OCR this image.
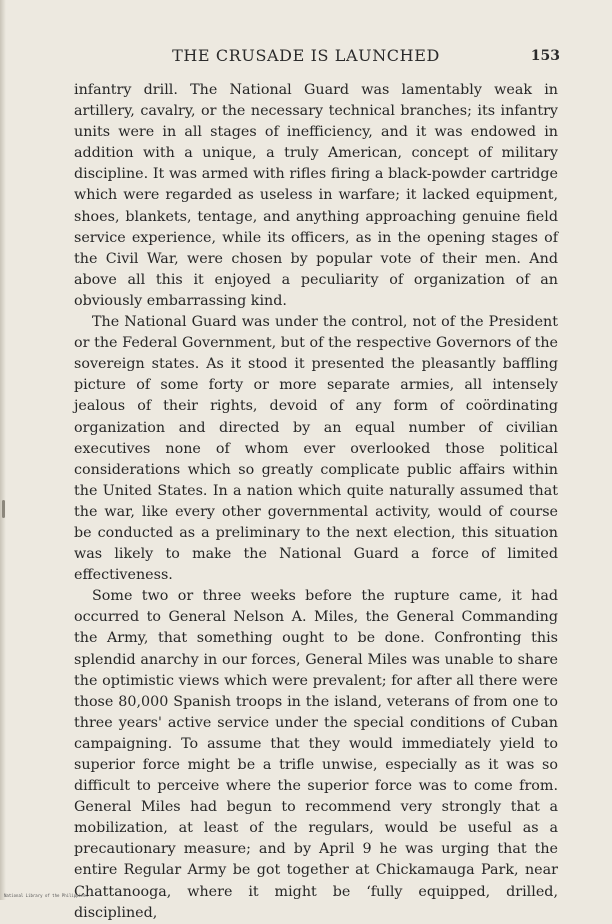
THE CRUSADE IS LAUNCHED	153

infantry drill. The National Guard was lamentably weak in artillery, cavalry, or the necessary technical branches; its infantry units were in all stages of inefficiency, and it was endowed in addition with a unique, a truly American, concept of military discipline. It was armed with rifles firing a black-powder cartridge which were regarded as useless in warfare; it lacked equipment, shoes, blankets, tentage, and anything approaching genuine field service experience, while its officers, as in the opening stages of the Civil War, were chosen by popular vote of their men. And above all this it enjoyed a peculiarity of organization of an obviously embarrassing kind.

The National Guard was under the control, not of the President or the Federal Government, but of the respective Governors of the sovereign states. As it stood it presented the pleasantly baffling picture of some forty or more separate armies, all intensely jealous of their rights, devoid of any form of coördinating organization and directed by an equal number of civilian executives none of whom ever overlooked those political considerations which so greatly complicate public affairs within the United States. In a nation which quite naturally assumed that the war, like every other governmental activity, would of course be conducted as a preliminary to the next election, this situation was likely to make the National Guard a force of limited effectiveness.

Some two or three weeks before the rupture came, it had occurred to General Nelson A. Miles, the General Commanding the Army, that something ought to be done. Confronting this splendid anarchy in our forces, General Miles was unable to share the optimistic views which were prevalent; for after all there were those 80,000 Spanish troops in the island, veterans of from one to three years' active service under the special conditions of Cuban campaigning. To assume that they would immediately yield to superior force might be a trifle unwise, especially as it was so difficult to perceive where the superior force was to come from. General Miles had begun to recommend very strongly that a mobilization, at least of the regulars, would be useful as a precautionary measure; and by April 9 he was urging that the entire Regular Army be got together at Chickamauga Park, near Chattanooga, where it might be ‘fully equipped, drilled, disciplined,

National Library of the Philippines
